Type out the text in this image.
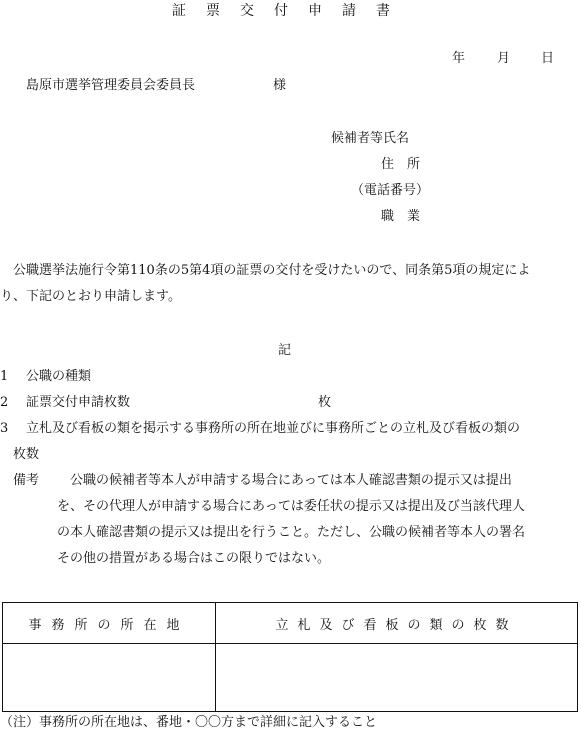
証票交付申請書
年 月 日
島原市選挙管理委員会委員長	様
候補者等氏名
住　所
（電話番号）
職　業
公職選挙法施行令第110条の5第4項の証票の交付を受けたいので、同条第5項の規定によ
り、下記のとおり申請します。
記
1 公職の種類
2 証票交付申請枚数	枚
3 立札及び看板の類を掲示する事務所の所在地並びに事務所ごとの立札及び看板の類の
枚数
備考 公職の候補者等本人が申請する場合にあっては本人確認書類の提示又は提出
を、その代理人が申請する場合にあっては委任状の提示又は提出及び当該代理人
の本人確認書類の提示又は提出を行うこと。ただし、公職の候補者等本人の署名
その他の措置がある場合はこの限りではない。
事務所の所在地	立札及び看板の類の枚数

（注）事務所の所在地は、番地・〇〇方まで詳細に記入すること
